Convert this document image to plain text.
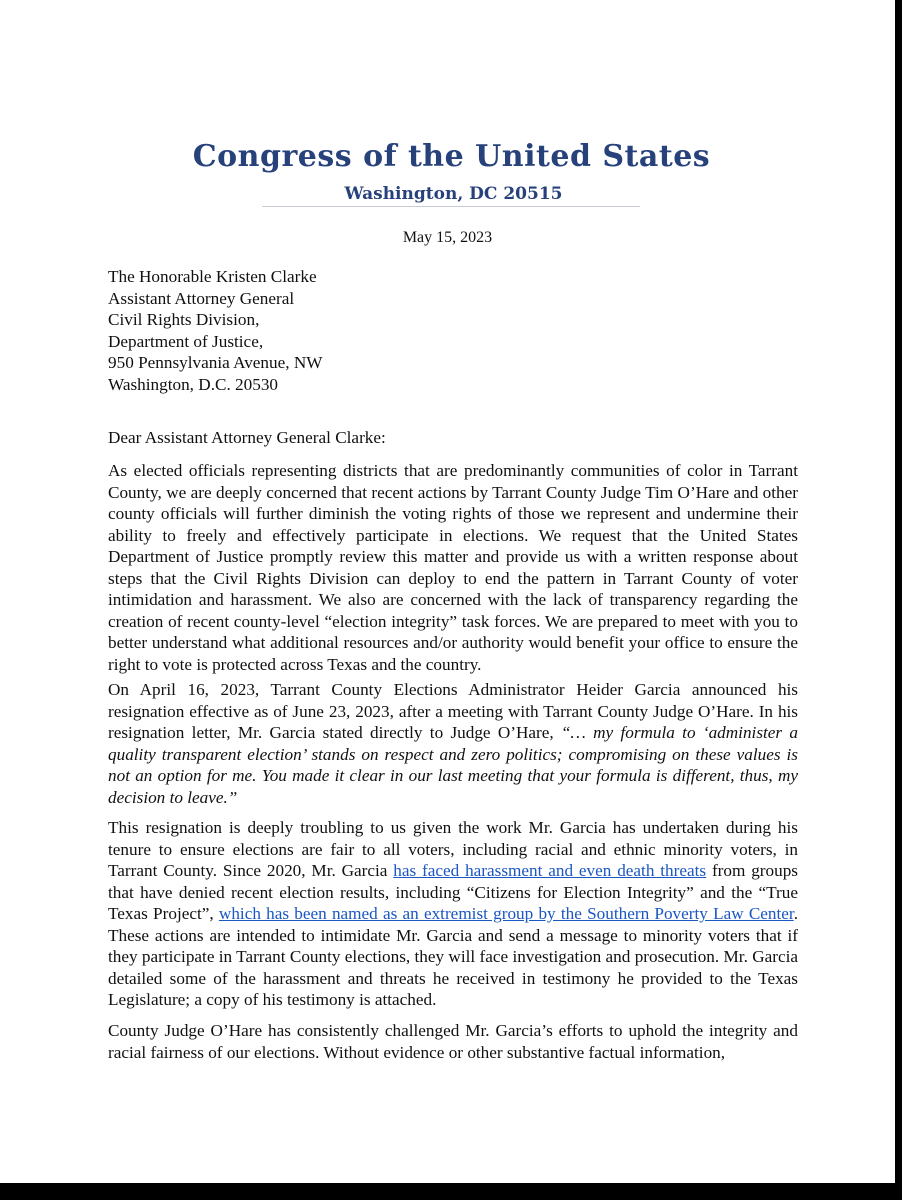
Congress of the United States
Washington, DC 20515
May 15, 2023
The Honorable Kristen Clarke
Assistant Attorney General
Civil Rights Division,
Department of Justice,
950 Pennsylvania Avenue, NW
Washington, D.C. 20530
Dear Assistant Attorney General Clarke:
As elected officials representing districts that are predominantly communities of color in Tarrant County, we are deeply concerned that recent actions by Tarrant County Judge Tim O’Hare and other county officials will further diminish the voting rights of those we represent and undermine their ability to freely and effectively participate in elections. We request that the United States Department of Justice promptly review this matter and provide us with a written response about steps that the Civil Rights Division can deploy to end the pattern in Tarrant County of voter intimidation and harassment. We also are concerned with the lack of transparency regarding the creation of recent county-level “election integrity” task forces. We are prepared to meet with you to better understand what additional resources and/or authority would benefit your office to ensure the right to vote is protected across Texas and the country.
On April 16, 2023, Tarrant County Elections Administrator Heider Garcia announced his resignation effective as of June 23, 2023, after a meeting with Tarrant County Judge O’Hare. In his resignation letter, Mr. Garcia stated directly to Judge O’Hare, “… my formula to ‘administer a quality transparent election’ stands on respect and zero politics; compromising on these values is not an option for me. You made it clear in our last meeting that your formula is different, thus, my decision to leave.”
This resignation is deeply troubling to us given the work Mr. Garcia has undertaken during his tenure to ensure elections are fair to all voters, including racial and ethnic minority voters, in Tarrant County. Since 2020, Mr. Garcia has faced harassment and even death threats from groups that have denied recent election results, including “Citizens for Election Integrity” and the “True Texas Project”, which has been named as an extremist group by the Southern Poverty Law Center. These actions are intended to intimidate Mr. Garcia and send a message to minority voters that if they participate in Tarrant County elections, they will face investigation and prosecution. Mr. Garcia detailed some of the harassment and threats he received in testimony he provided to the Texas Legislature; a copy of his testimony is attached.
County Judge O’Hare has consistently challenged Mr. Garcia’s efforts to uphold the integrity and racial fairness of our elections. Without evidence or other substantive factual information,
